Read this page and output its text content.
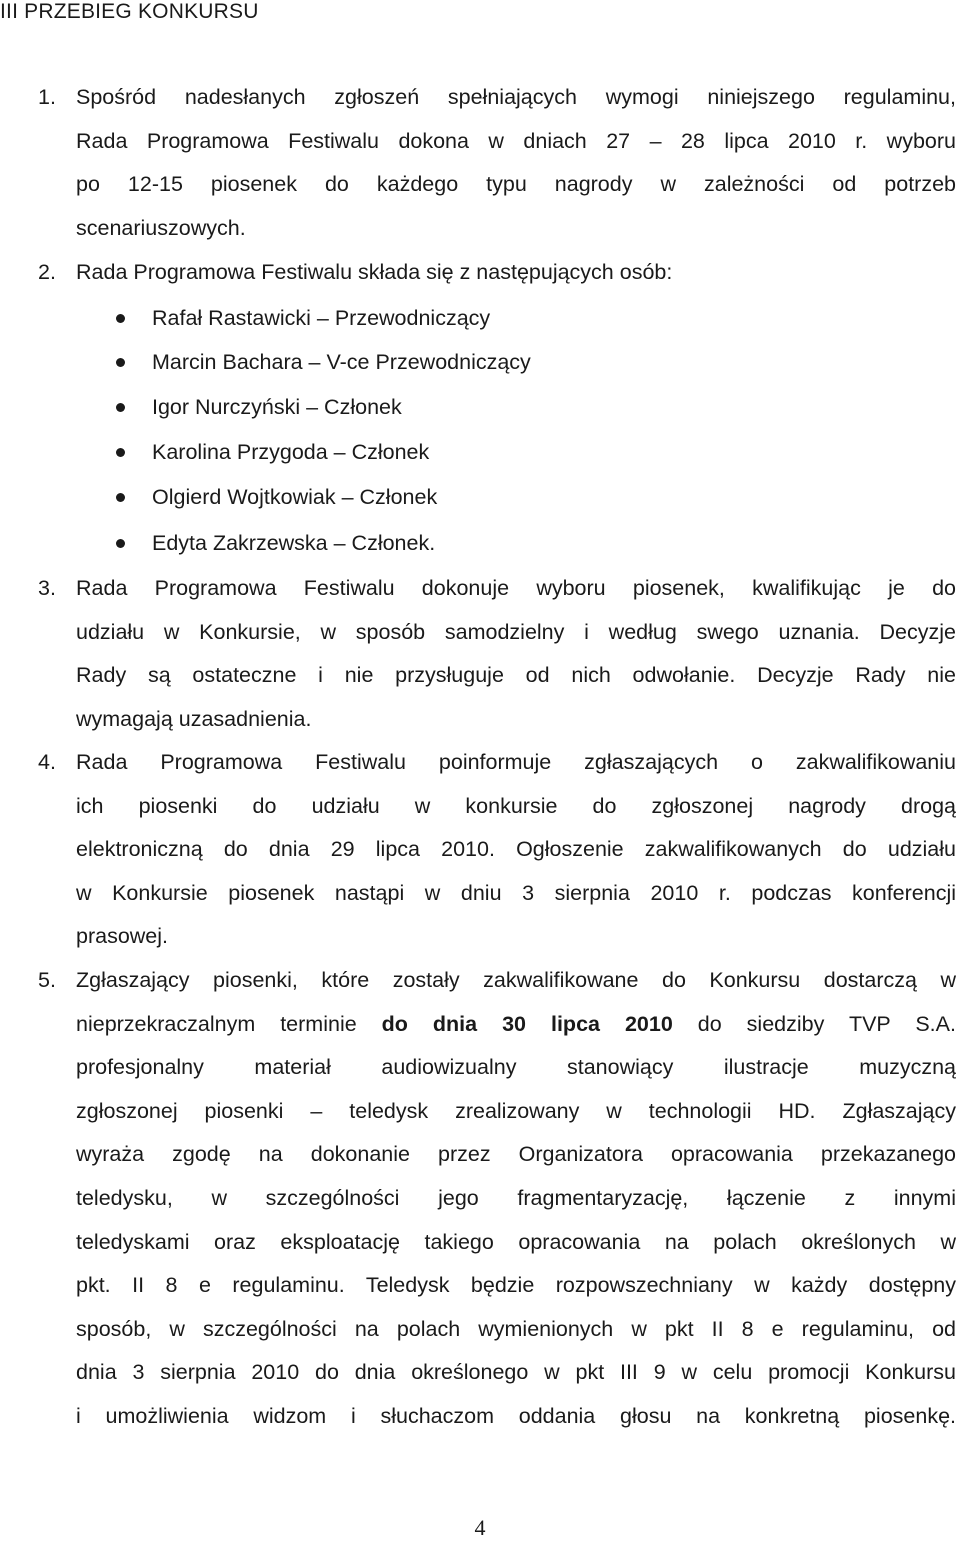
III PRZEBIEG KONKURSU
1. Spośród nadesłanych zgłoszeń spełniających wymogi niniejszego regulaminu,
Rada Programowa Festiwalu dokona w dniach 27 – 28 lipca 2010 r. wyboru
po 12-15 piosenek do każdego typu nagrody w zależności od potrzeb
scenariuszowych.
2. Rada Programowa Festiwalu składa się z następujących osób:
Rafał Rastawicki – Przewodniczący
Marcin Bachara – V-ce Przewodniczący
Igor Nurczyński – Członek
Karolina Przygoda – Członek
Olgierd Wojtkowiak – Członek
Edyta Zakrzewska – Członek.
3. Rada Programowa Festiwalu dokonuje wyboru piosenek, kwalifikując je do
udziału w Konkursie, w sposób samodzielny i według swego uznania. Decyzje
Rady są ostateczne i nie przysługuje od nich odwołanie. Decyzje Rady nie
wymagają uzasadnienia.
4. Rada Programowa Festiwalu poinformuje zgłaszających o zakwalifikowaniu
ich piosenki do udziału w konkursie do zgłoszonej nagrody drogą
elektroniczną do dnia 29 lipca 2010. Ogłoszenie zakwalifikowanych do udziału
w Konkursie piosenek nastąpi w dniu 3 sierpnia 2010 r. podczas konferencji
prasowej.
5. Zgłaszający piosenki, które zostały zakwalifikowane do Konkursu dostarczą w
nieprzekraczalnym terminie do dnia 30 lipca 2010 do siedziby TVP S.A.
profesjonalny materiał audiowizualny stanowiący ilustracje muzyczną
zgłoszonej piosenki – teledysk zrealizowany w technologii HD. Zgłaszający
wyraża zgodę na dokonanie przez Organizatora opracowania przekazanego
teledysku, w szczególności jego fragmentaryzację, łączenie z innymi
teledyskami oraz eksploatację takiego opracowania na polach określonych w
pkt. II 8 e regulaminu. Teledysk będzie rozpowszechniany w każdy dostępny
sposób, w szczególności na polach wymienionych w pkt II 8 e regulaminu, od
dnia 3 sierpnia 2010 do dnia określonego w pkt III 9 w celu promocji Konkursu
i umożliwienia widzom i słuchaczom oddania głosu na konkretną piosenkę.
4
